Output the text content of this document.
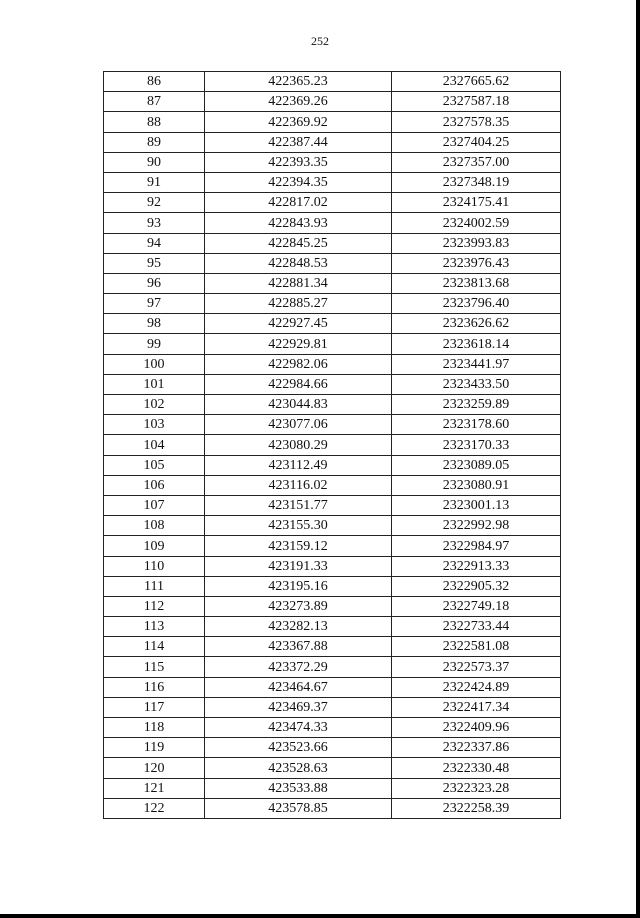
252
86	422365.23	2327665.62
87	422369.26	2327587.18
88	422369.92	2327578.35
89	422387.44	2327404.25
90	422393.35	2327357.00
91	422394.35	2327348.19
92	422817.02	2324175.41
93	422843.93	2324002.59
94	422845.25	2323993.83
95	422848.53	2323976.43
96	422881.34	2323813.68
97	422885.27	2323796.40
98	422927.45	2323626.62
99	422929.81	2323618.14
100	422982.06	2323441.97
101	422984.66	2323433.50
102	423044.83	2323259.89
103	423077.06	2323178.60
104	423080.29	2323170.33
105	423112.49	2323089.05
106	423116.02	2323080.91
107	423151.77	2323001.13
108	423155.30	2322992.98
109	423159.12	2322984.97
110	423191.33	2322913.33
111	423195.16	2322905.32
112	423273.89	2322749.18
113	423282.13	2322733.44
114	423367.88	2322581.08
115	423372.29	2322573.37
116	423464.67	2322424.89
117	423469.37	2322417.34
118	423474.33	2322409.96
119	423523.66	2322337.86
120	423528.63	2322330.48
121	423533.88	2322323.28
122	423578.85	2322258.39
